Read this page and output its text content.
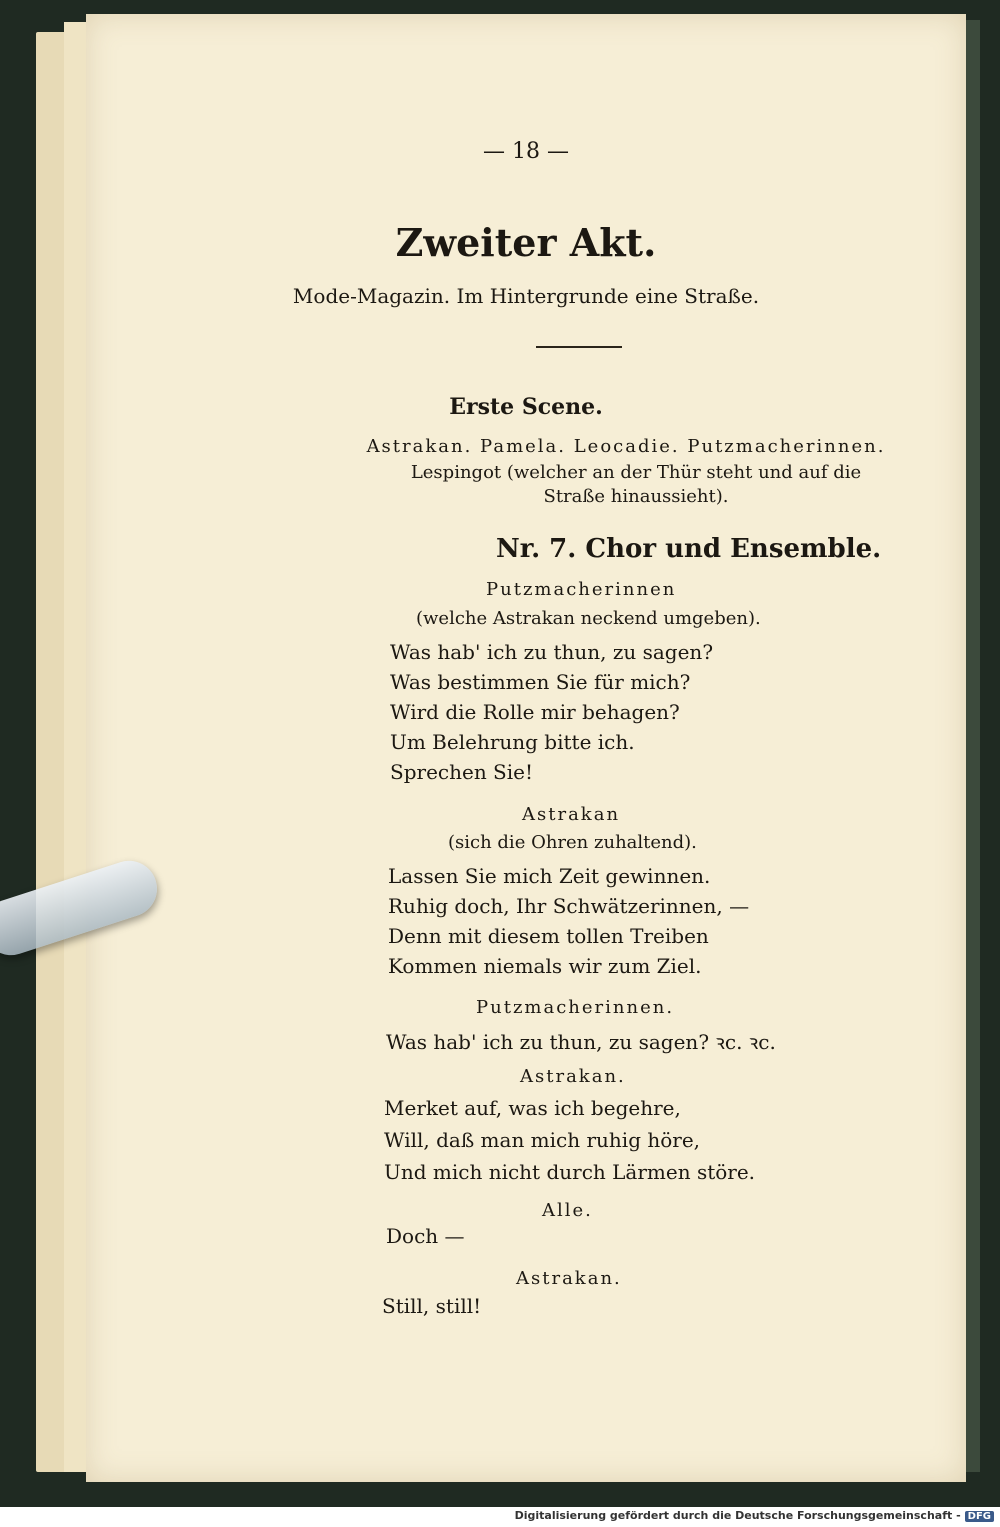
— 18 —
Zweiter Akt.
Mode-Magazin. Im Hintergrunde eine Straße.
Erste Scene.
Astrakan. Pamela. Leocadie. Putzmacherinnen.
Lespingot (welcher an der Thür steht und auf die
Straße hinaussieht).
Nr. 7. Chor und Ensemble.
Putzmacherinnen
(welche Astrakan neckend umgeben).
Was hab' ich zu thun, zu sagen?
Was bestimmen Sie für mich?
Wird die Rolle mir behagen?
Um Belehrung bitte ich.
Sprechen Sie!
Astrakan
(sich die Ohren zuhaltend).
Lassen Sie mich Zeit gewinnen.
Ruhig doch, Ihr Schwätzerinnen, —
Denn mit diesem tollen Treiben
Kommen niemals wir zum Ziel.
Putzmacherinnen.
Was hab' ich zu thun, zu sagen? ꝛc. ꝛc.
Astrakan.
Merket auf, was ich begehre,
Will, daß man mich ruhig höre,
Und mich nicht durch Lärmen störe.
Alle.
Doch —
Astrakan.
Still, still!
Digitalisierung gefördert durch die Deutsche Forschungsgemeinschaft - DFG
